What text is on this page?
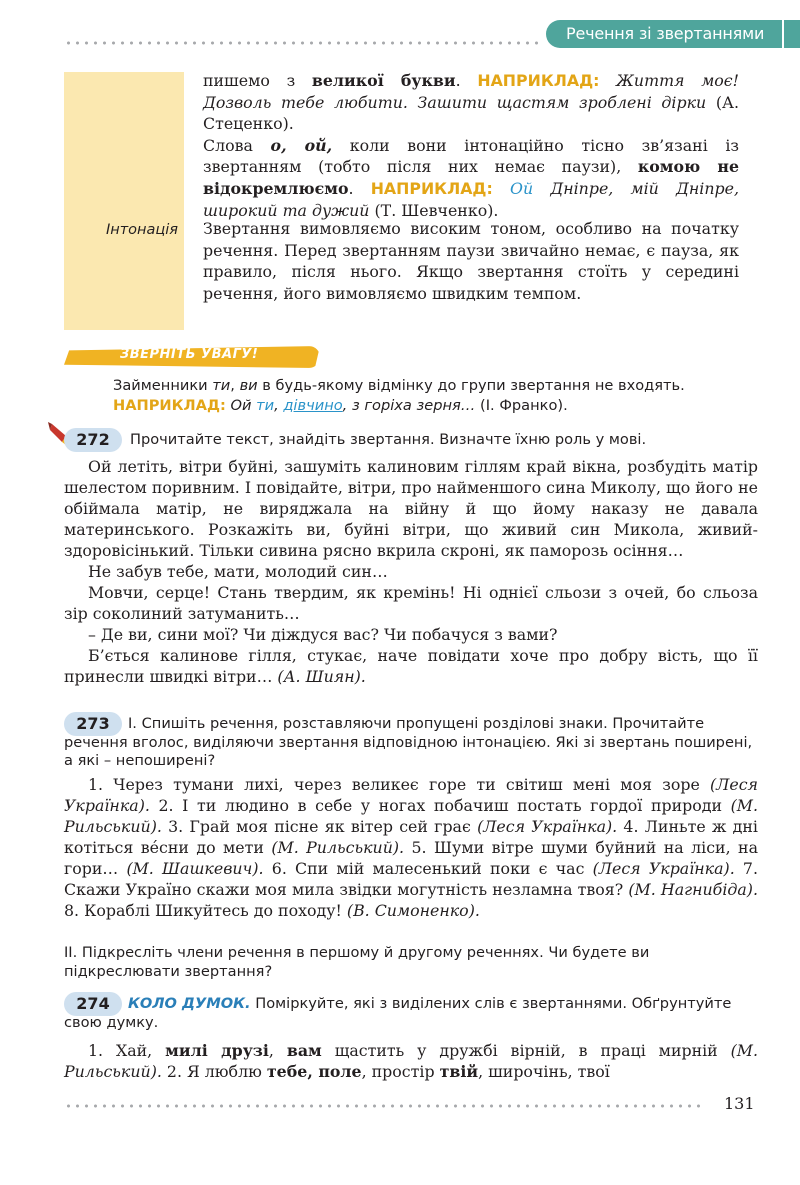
Речення зі звертаннями
Інтонація
пишемо з великої букви. НАПРИКЛАД: Життя моє! Дозволь тебе любити. Зашити щастям зроблені дірки (А. Стеценко).
Слова о, ой, коли вони інтонаційно тісно зв’язані із звертанням (тобто після них немає паузи), комою не відокремлюємо. НАПРИКЛАД: Ой Дніпре, мій Дніпре, широкий та дужий (Т. Шевченко).
Звертання вимовляємо високим тоном, особливо на початку речення. Перед звертанням паузи звичайно немає, є пауза, як правило, після нього. Якщо звертання стоїть у середині речення, його вимовляємо швидким темпом.
ЗВЕРНІТЬ УВАГУ!
Займенники ти, ви в будь-якому відмінку до групи звертання не входять.
НАПРИКЛАД: Ой ти, дівчино, з горіха зерня… (І. Франко).
272	Прочитайте текст, знайдіть звертання. Визначте їхню роль у мові.

Ой летіть, вітри буйні, зашуміть калиновим гіллям край вікна, розбудіть матір шелестом поривним. І повідайте, вітри, про найменшого сина Миколу, що його не обіймала матір, не виряджала на війну й що йому наказу не давала материнського. Розкажіть ви, буйні вітри, що живий син Микола, живий-здоровісінький. Тільки сивина рясно вкрила скроні, як паморозь осіння…

Не забув тебе, мати, молодий син…

Мовчи, серце! Стань твердим, як кремінь! Ні однієї сльози з очей, бо сльоза зір соколиний затуманить…

– Де ви, сини мої? Чи діждуся вас? Чи побачуся з вами?

Б’ється калинове гілля, стукає, наче повідати хоче про добру вість, що її принесли швидкі вітри… (А. Шиян).

273	І. Спишіть речення, розставляючи пропущені розділові знаки. Прочитайте речення вголос, виділяючи звертання відповідною інтонацією. Які зі звертань поширені, а які – непоширені?

1. Через тумани лихі, через великеє горе ти світиш мені моя зоре (Леся Українка). 2. І ти людино в себе у ногах побачиш постать гордої природи (М. Рильський). 3. Грай моя пісне як вітер сей грає (Леся Українка). 4. Линьте ж дні котіться ве́сни до мети (М. Рильський). 5. Шуми вітре шуми буйний на ліси, на гори… (М. Шашкевич). 6. Спи мій малесенький поки є час (Леся Українка). 7. Скажи Україно скажи моя мила звідки могутність незламна твоя? (М. Нагнибіда). 8. Кораблі Шикуйтесь до походу! (В. Симоненко).

ІІ. Підкресліть члени речення в першому й другому реченнях. Чи будете ви підкреслювати звертання?
274	КОЛО ДУМОК. Поміркуйте, які з виділених слів є звертаннями. Обґрунтуйте свою думку.

1. Хай, милі друзі, вам щастить у дружбі вірній, в праці мирній (М. Рильський). 2. Я люблю тебе, поле, простір твій, широчінь, твої

131
